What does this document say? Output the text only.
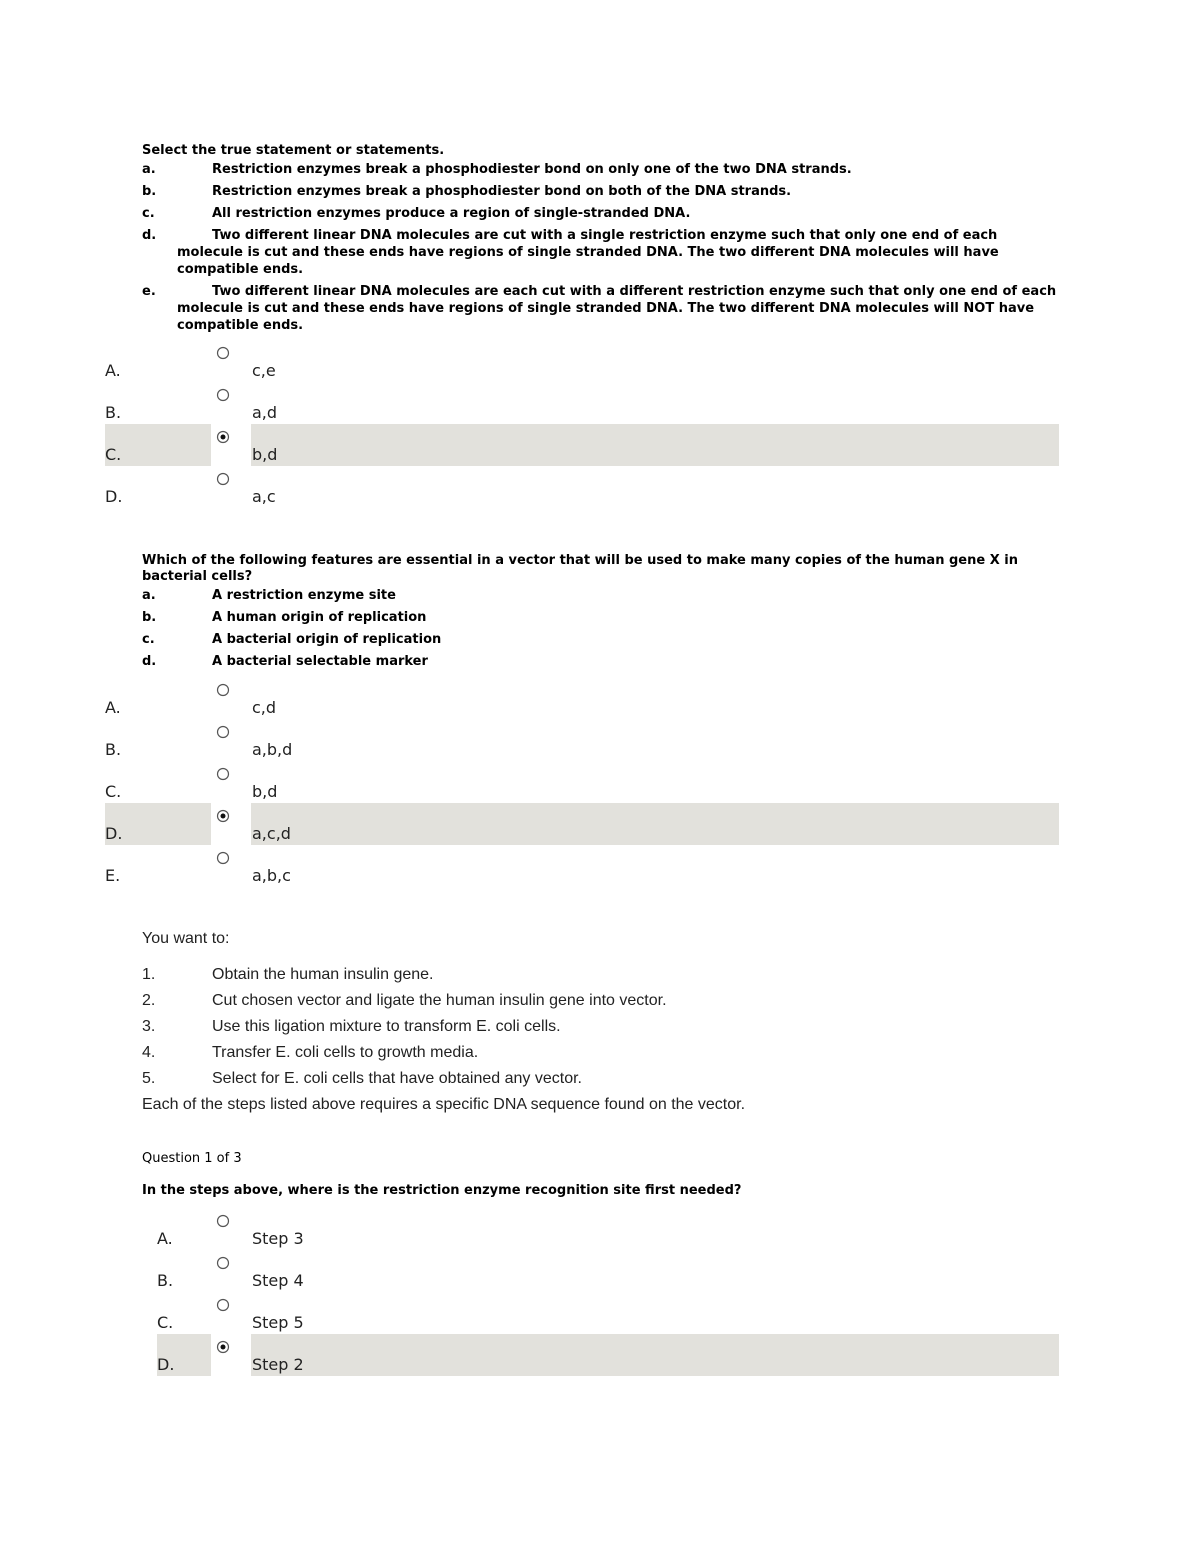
Select the true statement or statements.
a.	Restriction enzymes break a phosphodiester bond on only one of the two DNA strands.
b.	Restriction enzymes break a phosphodiester bond on both of the DNA strands.
c.	All restriction enzymes produce a region of single-stranded DNA.
d.	Two different linear DNA molecules are cut with a single restriction enzyme such that only one end of each molecule is cut and these ends have regions of single stranded DNA. The two different DNA molecules will have compatible ends.
e.	Two different linear DNA molecules are each cut with a different restriction enzyme such that only one end of each molecule is cut and these ends have regions of single stranded DNA. The two different DNA molecules will NOT have compatible ends.
A.	c,e
B.	a,d
C.	b,d
D.	a,c
Which of the following features are essential in a vector that will be used to make many copies of the human gene X in bacterial cells?
a.	A restriction enzyme site
b.	A human origin of replication
c.	A bacterial origin of replication
d.	A bacterial selectable marker
A.	c,d
B.	a,b,d
C.	b,d
D.	a,c,d
E.	a,b,c

You want to:

1.	Obtain the human insulin gene.
2.	Cut chosen vector and ligate the human insulin gene into vector.
3.	Use this ligation mixture to transform E. coli cells.
4.	Transfer E. coli cells to growth media.
5.	Select for E. coli cells that have obtained any vector.

Each of the steps listed above requires a specific DNA sequence found on the vector.

Question 1 of 3
In the steps above, where is the restriction enzyme recognition site first needed?
A.	Step 3
B.	Step 4
C.	Step 5
D.	Step 2
